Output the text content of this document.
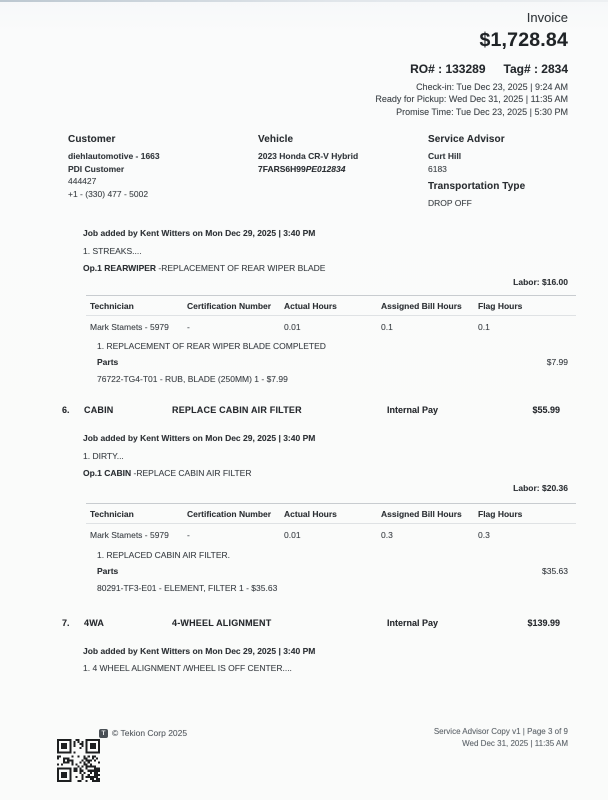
Invoice
$1,728.84
RO# : 133289 Tag# : 2834
Check-in: Tue Dec 23, 2025 | 9:24 AM
Ready for Pickup: Wed Dec 31, 2025 | 11:35 AM
Promise Time: Tue Dec 23, 2025 | 5:30 PM
Customer
diehlautomotive - 1663
PDI Customer
444427
+1 - (330) 477 - 5002
Vehicle
2023 Honda CR-V Hybrid
7FARS6H99PE012834
Service Advisor
Curt Hill
6183
Transportation Type
DROP OFF
Job added by Kent Witters on Mon Dec 29, 2025 | 3:40 PM
1. STREAKS....
Op.1 REARWIPER -REPLACEMENT OF REAR WIPER BLADE
Labor: $16.00
Technician	Certification Number	Actual Hours	Assigned Bill Hours	Flag Hours
Mark Stamets - 5979	-	0.01	0.1	0.1
1. REPLACEMENT OF REAR WIPER BLADE COMPLETED
Parts	$7.99
76722-TG4-T01 - RUB, BLADE (250MM) 1 - $7.99
6. CABIN	REPLACE CABIN AIR FILTER	Internal Pay	$55.99
Job added by Kent Witters on Mon Dec 29, 2025 | 3:40 PM
1. DIRTY...
Op.1 CABIN -REPLACE CABIN AIR FILTER
Labor: $20.36
Technician	Certification Number	Actual Hours	Assigned Bill Hours	Flag Hours
Mark Stamets - 5979	-	0.01	0.3	0.3
1. REPLACED CABIN AIR FILTER.
Parts	$35.63
80291-TF3-E01 - ELEMENT, FILTER 1 - $35.63
7. 4WA	4-WHEEL ALIGNMENT	Internal Pay	$139.99
Job added by Kent Witters on Mon Dec 29, 2025 | 3:40 PM
1. 4 WHEEL ALIGNMENT /WHEEL IS OFF CENTER....
T © Tekion Corp 2025	Service Advisor Copy v1 | Page 3 of 9
Wed Dec 31, 2025 | 11:35 AM
